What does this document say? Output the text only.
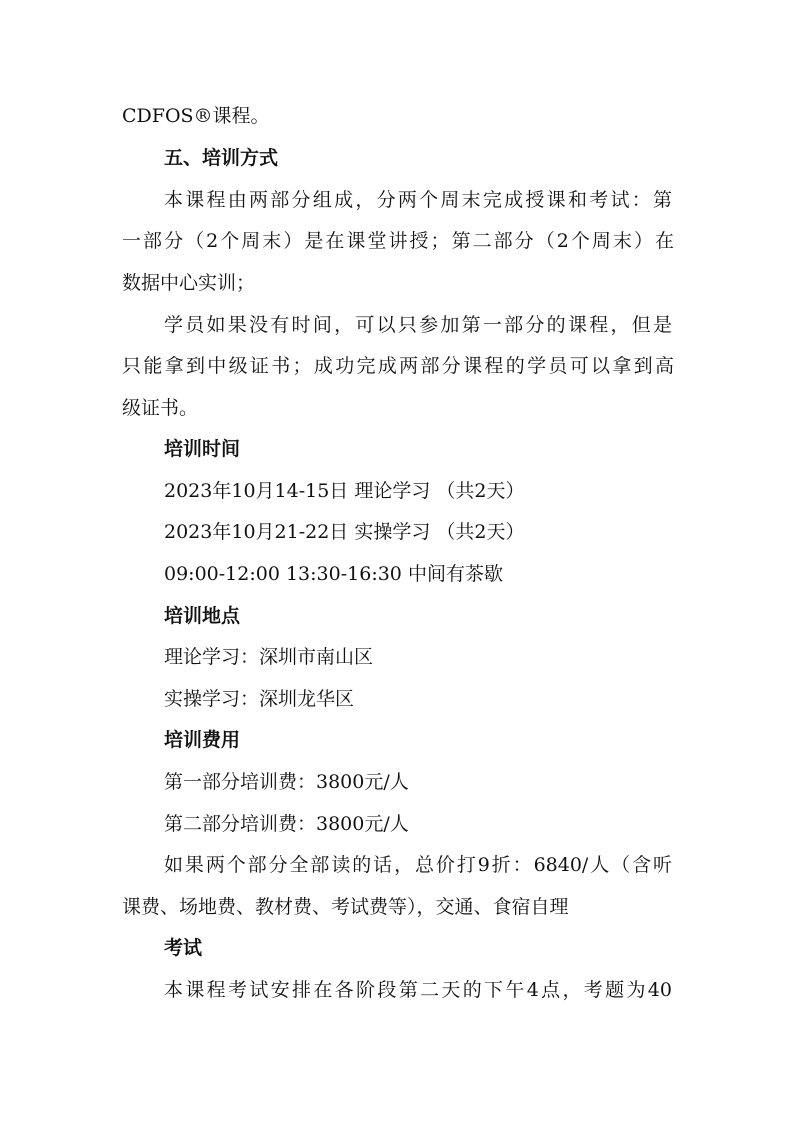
CDFOS®课程。
五、培训方式
本课程由两部分组成，分两个周末完成授课和考试：第
一部分（2个周末）是在课堂讲授；第二部分（2个周末）在
数据中心实训；
学员如果没有时间，可以只参加第一部分的课程，但是
只能拿到中级证书；成功完成两部分课程的学员可以拿到高
级证书。
培训时间
2023年10月14-15日 理论学习 （共2天）
2023年10月21-22日 实操学习 （共2天）
09:00-12:00 13:30-16:30 中间有茶歇
培训地点
理论学习：深圳市南山区
实操学习：深圳龙华区
培训费用
第一部分培训费：3800元/人
第二部分培训费：3800元/人
如果两个部分全部读的话，总价打9折：6840/人（含听
课费、场地费、教材费、考试费等），交通、食宿自理
考试
本课程考试安排在各阶段第二天的下午4点，考题为40
